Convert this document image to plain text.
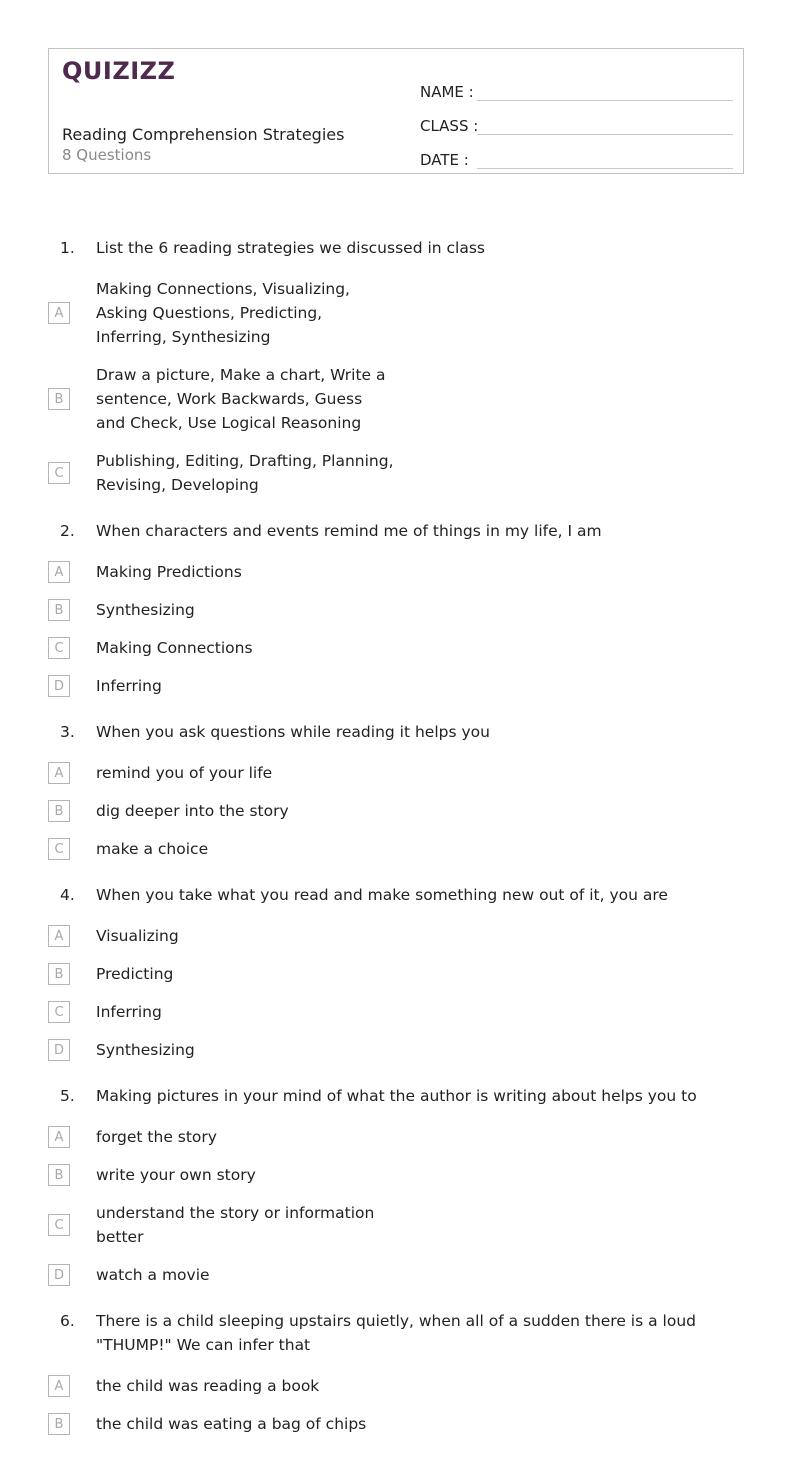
QUIZIZZ
Reading Comprehension Strategies
8 Questions
NAME :
CLASS :
DATE :
1.	List the 6 reading strategies we discussed in class
A
Making Connections, Visualizing, Asking Questions, Predicting, Inferring, Synthesizing
B
Draw a picture, Make a chart, Write a sentence, Work Backwards, Guess and Check, Use Logical Reasoning
C
Publishing, Editing, Drafting, Planning, Revising, Developing
2.	When characters and events remind me of things in my life, I am
A	Making Predictions
B	Synthesizing
C	Making Connections
D	Inferring
3.	When you ask questions while reading it helps you
A	remind you of your life
B	dig deeper into the story
C	make a choice
4.	When you take what you read and make something new out of it, you are
A	Visualizing
B	Predicting
C	Inferring
D	Synthesizing
5.	Making pictures in your mind of what the author is writing about helps you to
A	forget the story
B	write your own story
C
understand the story or information better
D	watch a movie
6.	There is a child sleeping upstairs quietly, when all of a sudden there is a loud "THUMP!" We can infer that
A	the child was reading a book
B	the child was eating a bag of chips
